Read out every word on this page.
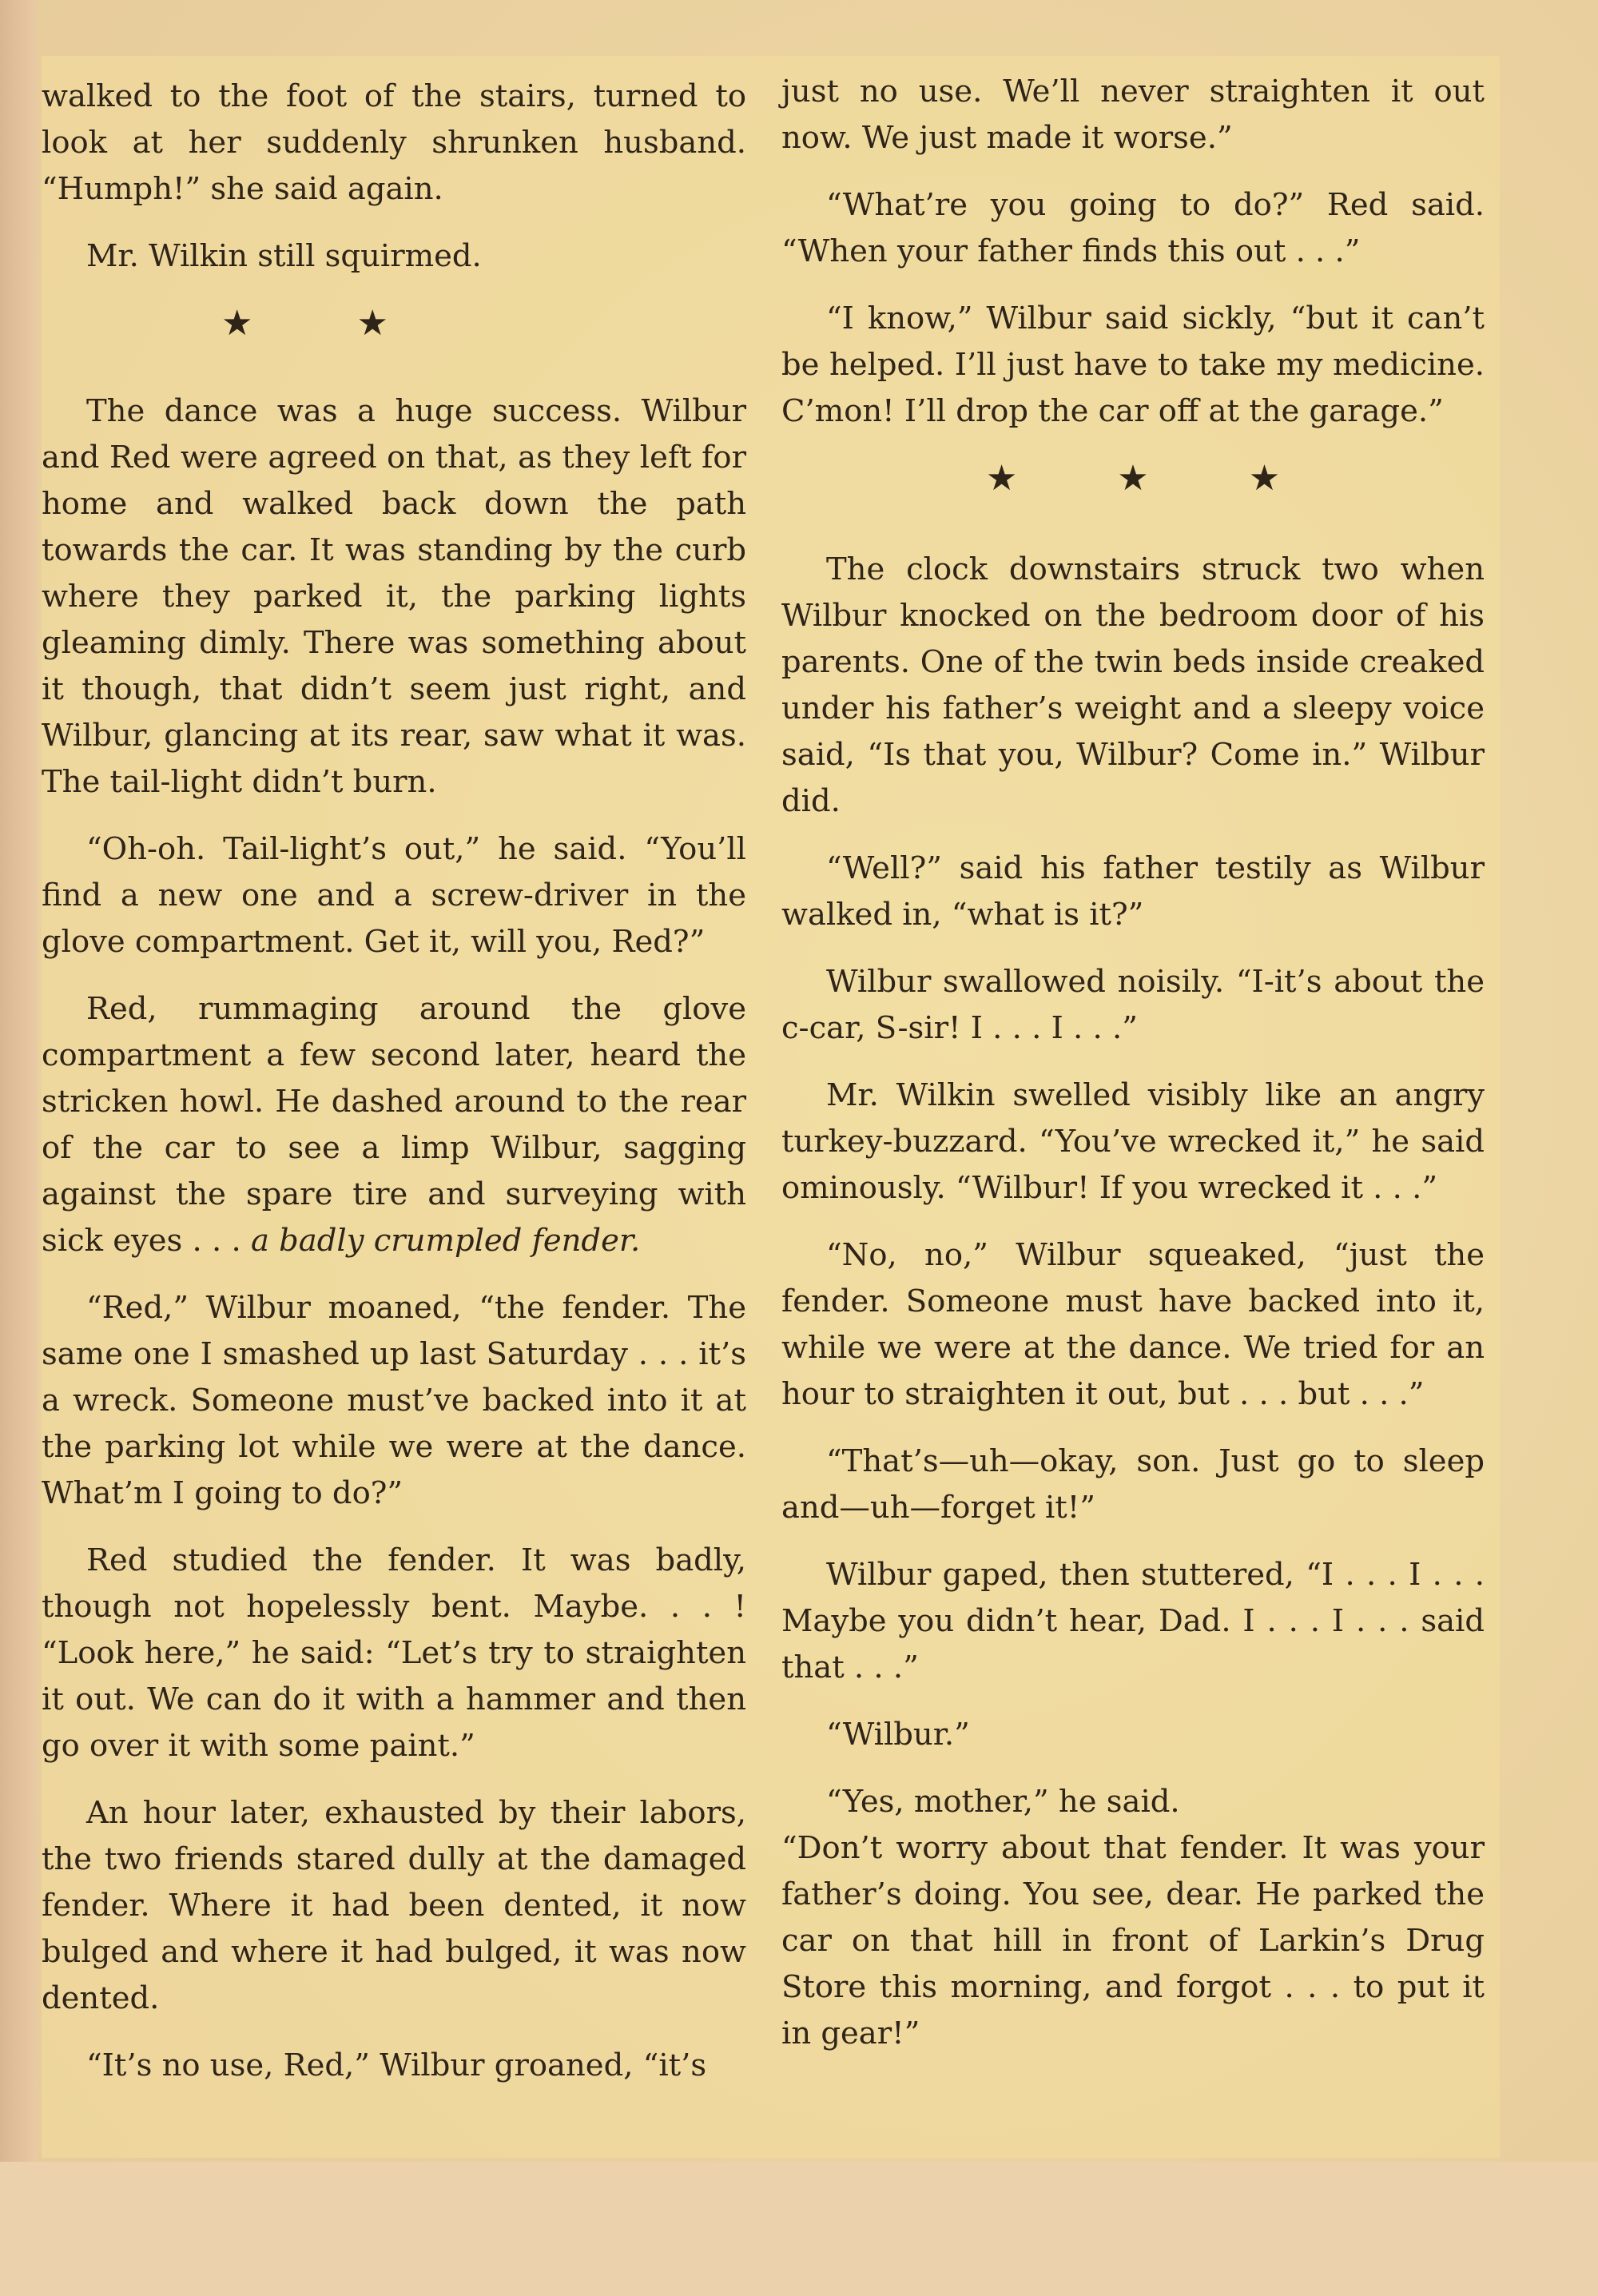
walked to the foot of the stairs, turned to look at her suddenly shrunken husband. “Humph!” she said again.

Mr. Wilkin still squirmed.

★	★

The dance was a huge success. Wilbur and Red were agreed on that, as they left for home and walked back down the path towards the car. It was standing by the curb where they parked it, the parking lights gleaming dimly. There was something about it though, that didn’t seem just right, and Wilbur, glancing at its rear, saw what it was. The tail-light didn’t burn.

“Oh-oh. Tail-light’s out,” he said. “You’ll find a new one and a screw-driver in the glove compartment. Get it, will you, Red?”

Red, rummaging around the glove compartment a few second later, heard the stricken howl. He dashed around to the rear of the car to see a limp Wilbur, sagging against the spare tire and surveying with sick eyes . . . a badly crumpled fender.

“Red,” Wilbur moaned, “the fender. The same one I smashed up last Saturday . . . it’s a wreck. Someone must’ve backed into it at the parking lot while we were at the dance. What’m I going to do?”

Red studied the fender. It was badly, though not hopelessly bent. Maybe. . . ! “Look here,” he said: “Let’s try to straighten it out. We can do it with a hammer and then go over it with some paint.”

An hour later, exhausted by their labors, the two friends stared dully at the damaged fender. Where it had been dented, it now bulged and where it had bulged, it was now dented.

“It’s no use, Red,” Wilbur groaned, “it’s

just no use. We’ll never straighten it out now. We just made it worse.”

“What’re you going to do?” Red said. “When your father finds this out . . .”

“I know,” Wilbur said sickly, “but it can’t be helped. I’ll just have to take my medicine. C’mon! I’ll drop the car off at the garage.”

★	★	★

The clock downstairs struck two when Wilbur knocked on the bedroom door of his parents. One of the twin beds inside creaked under his father’s weight and a sleepy voice said, “Is that you, Wilbur? Come in.” Wilbur did.

“Well?” said his father testily as Wilbur walked in, “what is it?”

Wilbur swallowed noisily. “I-it’s about the c-car, S-sir! I . . . I . . .”

Mr. Wilkin swelled visibly like an angry turkey-buzzard. “You’ve wrecked it,” he said ominously. “Wilbur! If you wrecked it . . .”

“No, no,” Wilbur squeaked, “just the fender. Someone must have backed into it, while we were at the dance. We tried for an hour to straighten it out, but . . . but . . .”

“That’s—uh—okay, son. Just go to sleep and—uh—forget it!”

Wilbur gaped, then stuttered, “I . . . I . . . Maybe you didn’t hear, Dad. I . . . I . . . said that . . .”

“Wilbur.”

“Yes, mother,” he said.

“Don’t worry about that fender. It was your father’s doing. You see, dear. He parked the car on that hill in front of Larkin’s Drug Store this morning, and forgot . . . to put it in gear!”
